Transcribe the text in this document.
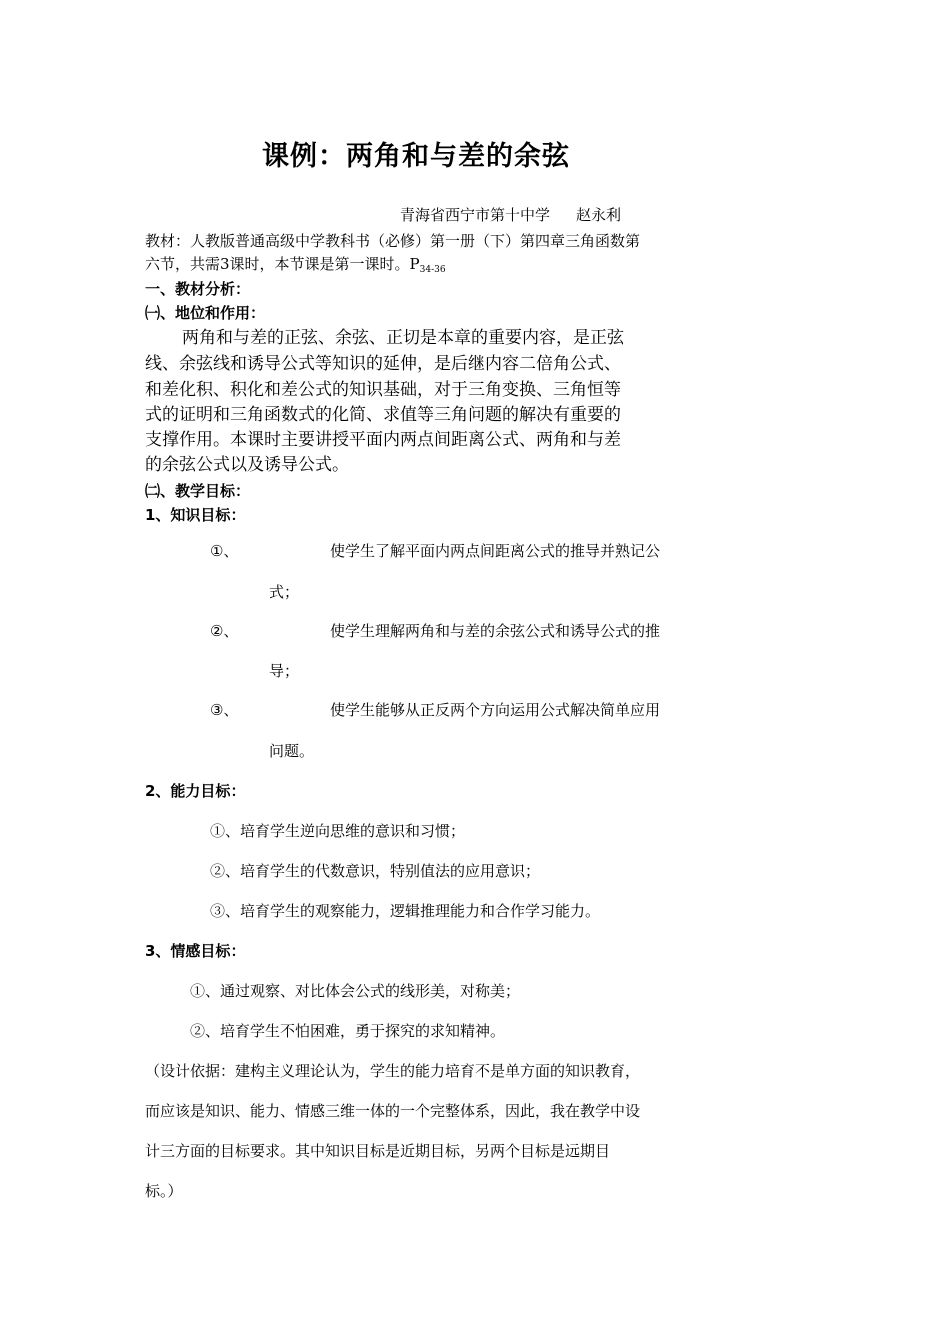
课例：两角和与差的余弦
青海省西宁市第十中学 赵永利
教材：人教版普通高级中学教科书（必修）第一册（下）第四章三角函数第
六节，共需3课时，本节课是第一课时。$P_{34-36}$
一、教材分析：
㈠、地位和作用：
两角和与差的正弦、余弦、正切是本章的重要内容，是正弦
线、余弦线和诱导公式等知识的延伸，是后继内容二倍角公式、
和差化积、积化和差公式的知识基础，对于三角变换、三角恒等
式的证明和三角函数式的化简、求值等三角问题的解决有重要的
支撑作用。本课时主要讲授平面内两点间距离公式、两角和与差
的余弦公式以及诱导公式。
㈡、教学目标：
1、知识目标：
①、	使学生了解平面内两点间距离公式的推导并熟记公
式；
②、	使学生理解两角和与差的余弦公式和诱导公式的推
导；
③、	使学生能够从正反两个方向运用公式解决简单应用
问题。
2、能力目标：
①、培育学生逆向思维的意识和习惯；
②、培育学生的代数意识，特别值法的应用意识；
③、培育学生的观察能力，逻辑推理能力和合作学习能力。
3、情感目标：
①、通过观察、对比体会公式的线形美，对称美；
②、培育学生不怕困难，勇于探究的求知精神。
（设计依据：建构主义理论认为，学生的能力培育不是单方面的知识教育，
而应该是知识、能力、情感三维一体的一个完整体系，因此，我在教学中设
计三方面的目标要求。其中知识目标是近期目标，另两个目标是远期目
标。）
